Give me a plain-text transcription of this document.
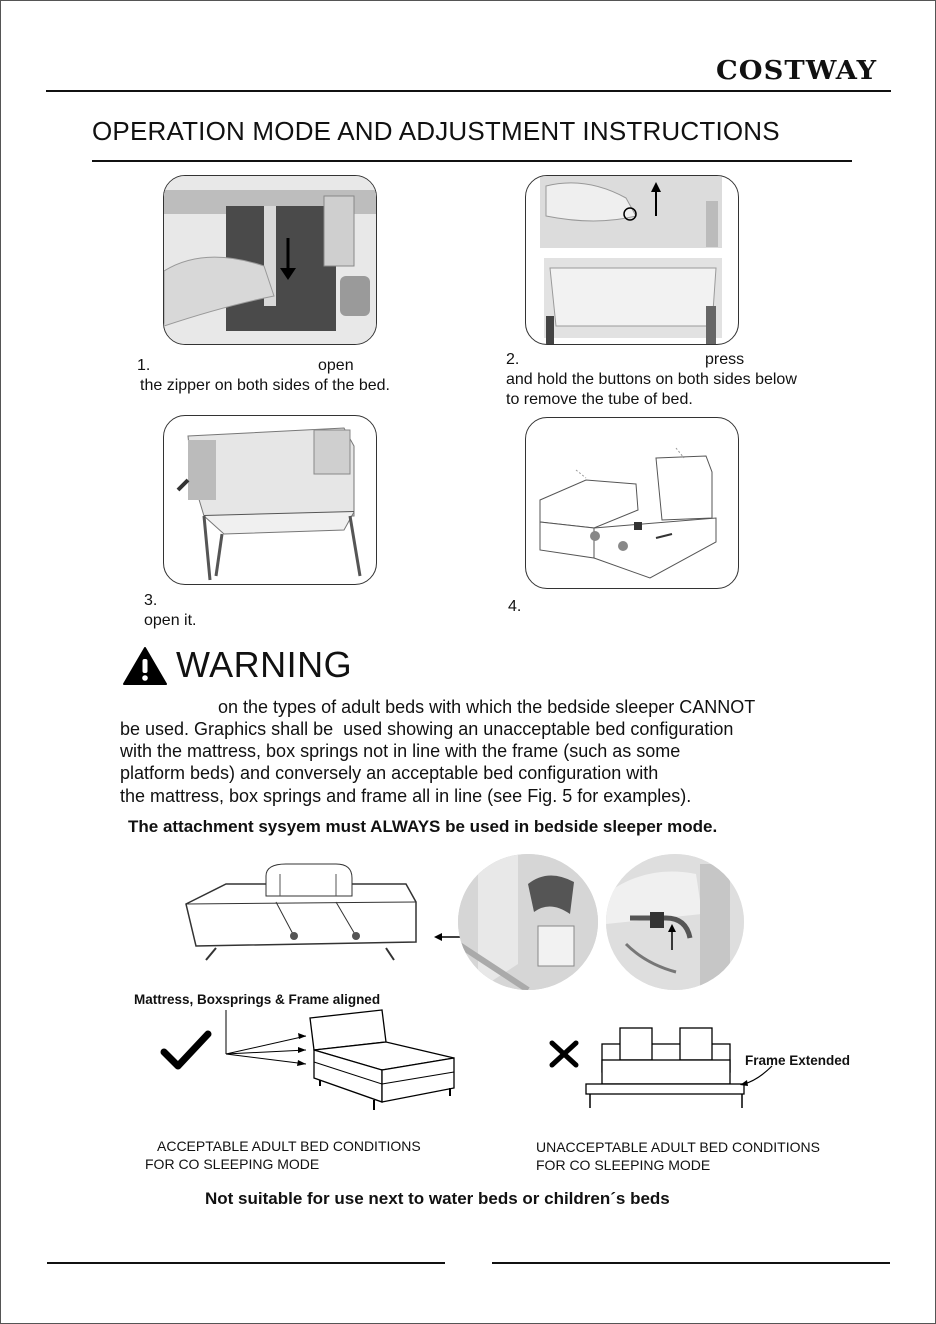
COSTWAY
OPERATION MODE AND ADJUSTMENT INSTRUCTIONS
1.	open
the zipper on both sides of the bed.
2.	press
and hold the buttons on both sides below
to remove the tube of bed.
3.
open it.
4.
WARNING
on the types of adult beds with which the bedside sleeper CANNOT
be used. Graphics shall be  used showing an unacceptable bed configuration
with the mattress, box springs not in line with the frame (such as some
platform beds) and conversely an acceptable bed configuration with
the mattress, box springs and frame all in line (see Fig. 5 for examples).
The attachment sysyem must ALWAYS be used in bedside sleeper mode.
Mattress, Boxsprings & Frame aligned
Frame Extended
ACCEPTABLE ADULT BED CONDITIONS
FOR CO SLEEPING MODE
UNACCEPTABLE ADULT BED CONDITIONS
FOR CO SLEEPING MODE
Not suitable for use next to water beds or children´s beds
